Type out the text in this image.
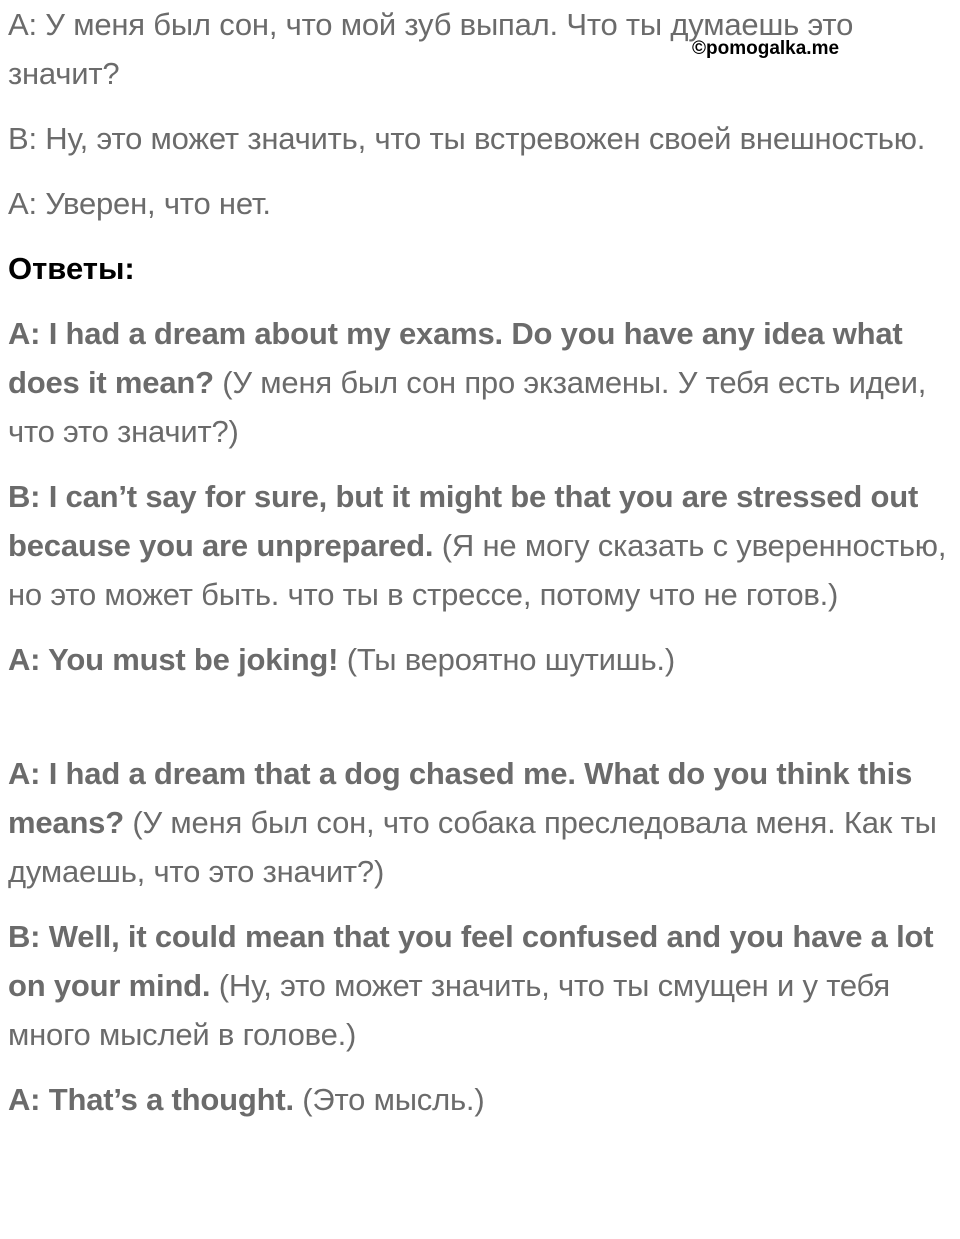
©pomogalka.me

A: У меня был сон, что мой зуб выпал. Что ты думаешь это значит?

B: Ну, это может значить, что ты встревожен своей внешностью.

A: Уверен, что нет.

Ответы:

A: I had a dream about my exams. Do you have any idea what does it mean? (У меня был сон про экзамены. У тебя есть идеи, что это значит?)

B: I can’t say for sure, but it might be that you are stressed out because you are unprepared. (Я не могу сказать с уверенностью, но это может быть. что ты в стрессе, потому что не готов.)

A: You must be joking! (Ты вероятно шутишь.)

A: I had a dream that a dog chased me. What do you think this means? (У меня был сон, что собака преследовала меня. Как ты думаешь, что это значит?)

B: Well, it could mean that you feel confused and you have a lot on your mind. (Ну, это может значить, что ты смущен и у тебя много мыслей в голове.)

A: That’s a thought. (Это мысль.)
